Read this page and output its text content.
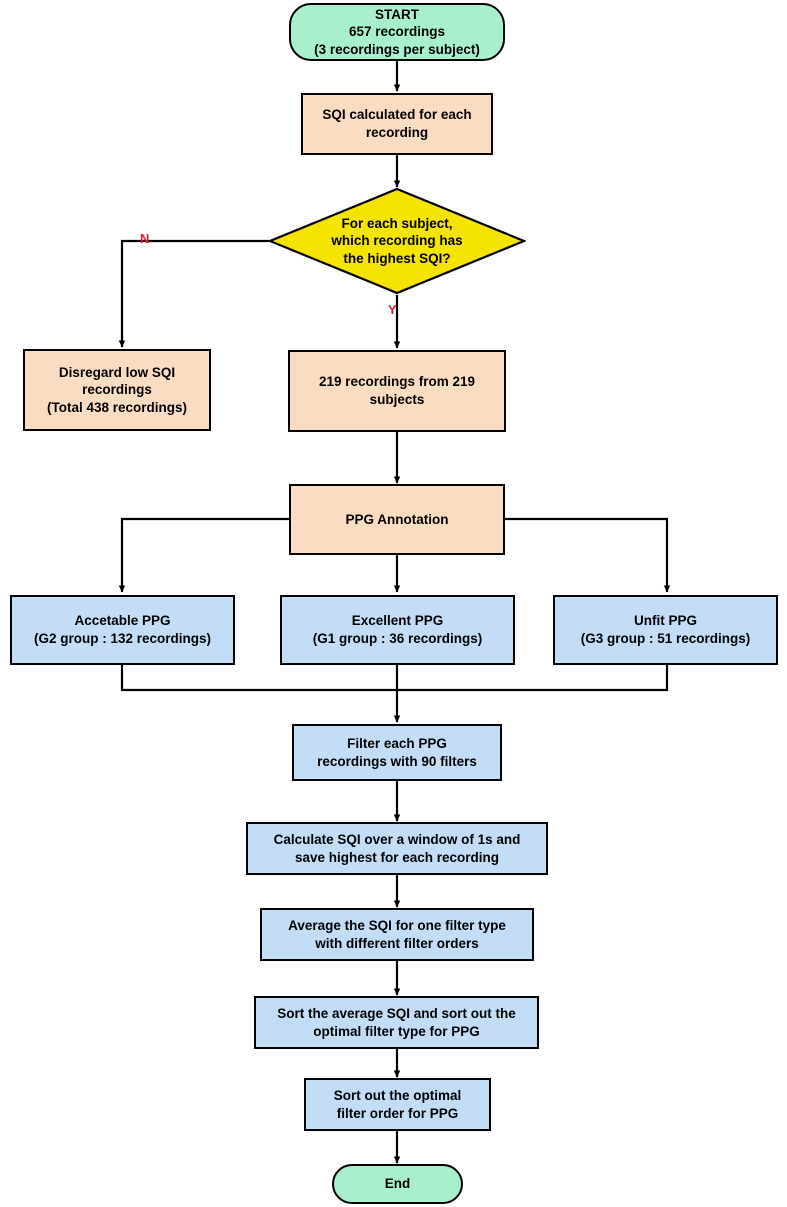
START
657 recordings
(3 recordings per subject)
SQI calculated for each
recording
For each subject,
which recording has
the highest SQI?
N
Y
Disregard low SQI
recordings
(Total 438 recordings)
219 recordings from 219
subjects
PPG Annotation
Accetable PPG
(G2 group : 132 recordings)
Excellent PPG
(G1 group : 36 recordings)
Unfit PPG
(G3 group : 51 recordings)
Filter each PPG
recordings with 90 filters
Calculate SQI over a window of 1s and
save highest for each recording
Average the SQI for one filter type
with different filter orders
Sort the average SQI and sort out the
optimal filter type for PPG
Sort out the optimal
filter order for PPG
End
